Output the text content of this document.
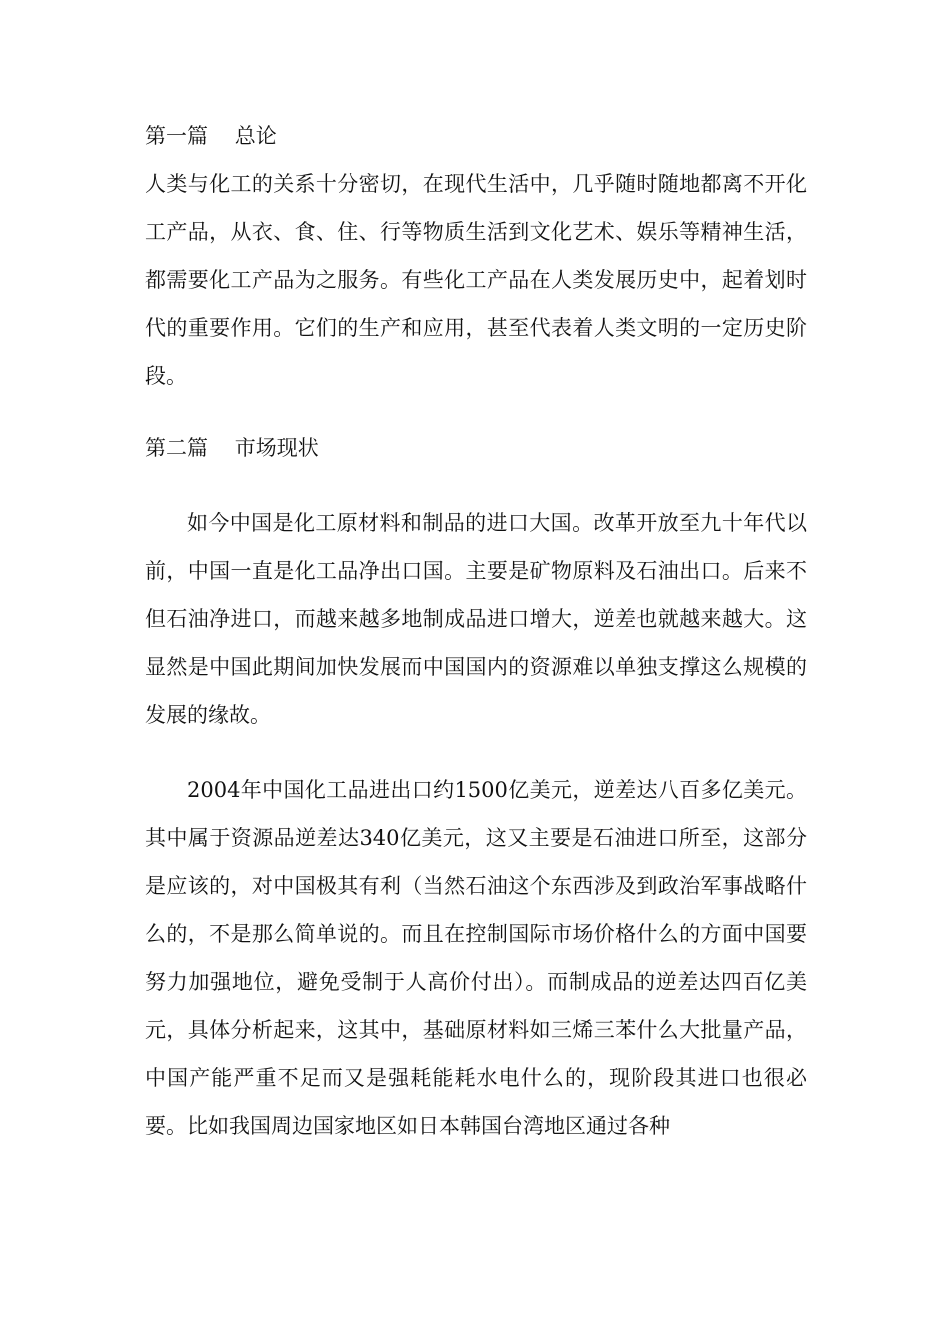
第一篇    总论

人类与化工的关系十分密切，在现代生活中，几乎随时随地都离不开化工产品，从衣、食、住、行等物质生活到文化艺术、娱乐等精神生活，都需要化工产品为之服务。有些化工产品在人类发展历史中，起着划时代的重要作用。它们的生产和应用，甚至代表着人类文明的一定历史阶段。

第二篇    市场现状

如今中国是化工原材料和制品的进口大国。改革开放至九十年代以前，中国一直是化工品净出口国。主要是矿物原料及石油出口。后来不但石油净进口，而越来越多地制成品进口增大，逆差也就越来越大。这显然是中国此期间加快发展而中国国内的资源难以单独支撑这么规模的发展的缘故。

2004年中国化工品进出口约1500亿美元，逆差达八百多亿美元。其中属于资源品逆差达340亿美元，这又主要是石油进口所至，这部分是应该的，对中国极其有利（当然石油这个东西涉及到政治军事战略什么的，不是那么简单说的。而且在控制国际市场价格什么的方面中国要努力加强地位，避免受制于人高价付出）。而制成品的逆差达四百亿美元，具体分析起来，这其中，基础原材料如三烯三苯什么大批量产品，中国产能严重不足而又是强耗能耗水电什么的，现阶段其进口也很必要。比如我国周边国家地区如日本韩国台湾地区通过各种
